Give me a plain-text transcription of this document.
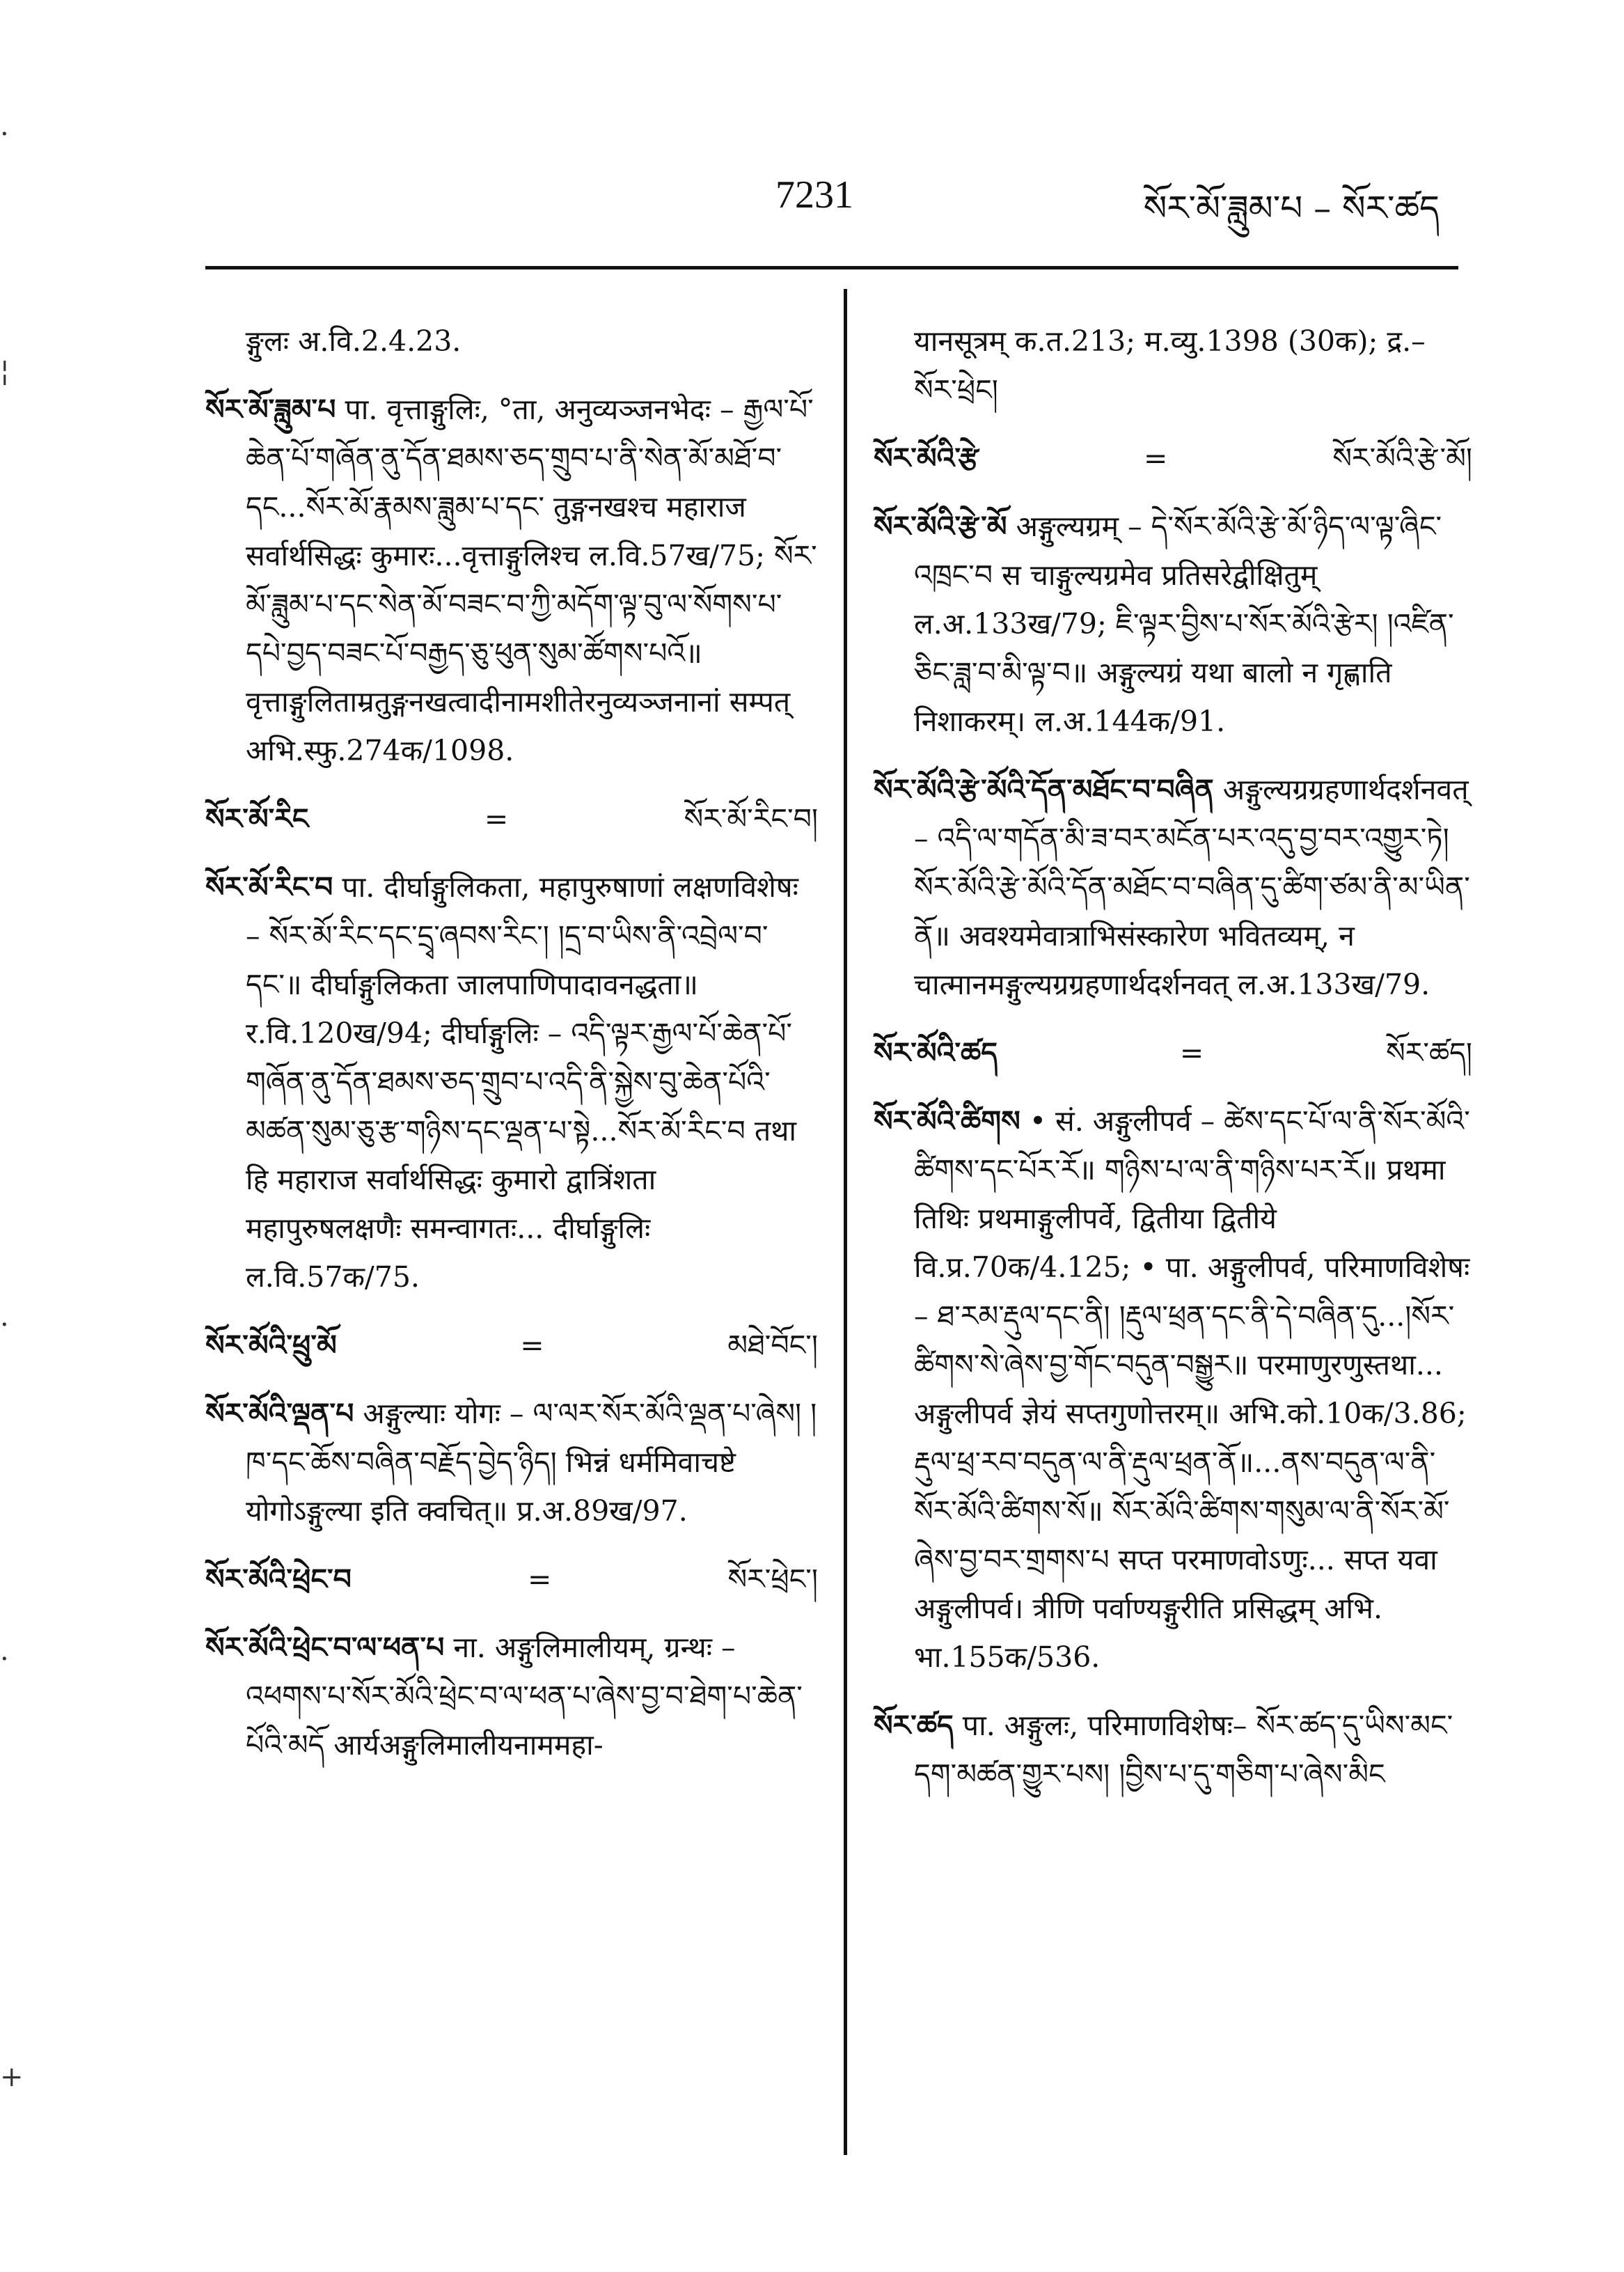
7231	སོར་མོ་ཟླུམ་པ – སོར་ཚད
·
¦
·
·
+
ङ्गुलः अ.वि.2.4.23.
སོར་མོ་ཟླུམ་པ पा. वृत्ताङ्गुलिः, °ता, अनुव्यञ्जनभेदः – རྒྱལ་པོ་ཆེན་པོ་གཞོན་ནུ་དོན་ཐམས་ཅད་གྲུབ་པ་ནི་སེན་མོ་མཐོ་བ་དང...སོར་མོ་རྣམས་ཟླུམ་པ་དང་ तुङ्गनखश्च महाराज सर्वार्थसिद्धः कुमारः...वृत्ताङ्गुलिश्च ल.वि.57ख/75; སོར་མོ་ཟླུམ་པ་དང་སེན་མོ་བཟང་བ་ཀྱི་མདོག་ལྟ་བུ་ལ་སོགས་པ་དཔེ་བྱད་བཟང་པོ་བརྒྱད་ཅུ་ཕུན་སུམ་ཚོགས་པའོ॥ वृत्ताङ्गुलिताम्रतुङ्गनखत्वादीनामशीतेरनुव्यञ्जनानां सम्पत् अभि.स्फु.274क/1098.
སོར་མོ་རིང	=	སོར་མོ་རིང་བ།
སོར་མོ་རིང་བ पा. दीर्घाङ्गुलिकता, महापुरुषाणां लक्षणविशेषः – སོར་མོ་རིང་དང་དྲྭ་ཞབས་རིང་། །དྲ་བ་ཡིས་ནི་འབྲེལ་བ་དང་॥ दीर्घाङ्गुलिकता जालपाणिपादावनद्धता॥ र.वि.120ख/94; दीर्घाङ्गुलिः – འདི་ལྟར་རྒྱལ་པོ་ཆེན་པོ་གཞོན་ནུ་དོན་ཐམས་ཅད་གྲུབ་པ་འདི་ནི་སྐྱེས་བུ་ཆེན་པོའི་མཚན་སུམ་ཅུ་རྩ་གཉིས་དང་ལྡན་པ་སྟེ...སོར་མོ་རིང་བ तथा हि महाराज सर्वार्थसिद्धः कुमारो द्वात्रिंशता महापुरुषलक्षणैः समन्वागतः... दीर्घाङ्गुलिः ल.वि.57क/75.
སོར་མོའི་ཕྲུ་མོ	=	མཐེ་བོང་།
སོར་མོའི་ལྡན་པ अङ्गुल्याः योगः – ལ་ལར་སོར་མོའི་ལྡན་པ་ཞེས། །ཁ་དང་ཆོས་བཞིན་བརྗོད་བྱེད་ཉིད། भिन्नं धर्ममिवाचष्टे योगोऽङ्गुल्या इति क्वचित्॥ प्र.अ.89ख/97.
སོར་མོའི་ཕྲེང་བ	=	སོར་ཕྲེང་།
སོར་མོའི་ཕྲེང་བ་ལ་ཕན་པ ना. अङ्गुलिमालीयम्, ग्रन्थः – འཕགས་པ་སོར་མོའི་ཕྲེང་བ་ལ་ཕན་པ་ཞེས་བྱ་བ་ཐེག་པ་ཆེན་པོའི་མདོ आर्यअङ्गुलिमालीयनाममहा-
यानसूत्रम् क.त.213; म.व्यु.1398 (30क); द्र.– སོར་ཕྲེང།
སོར་མོའི་རྩེ	=	སོར་མོའི་རྩེ་མོ།
སོར་མོའི་རྩེ་མོ अङ्गुल्यग्रम् – དེ་སོར་མོའི་རྩེ་མོ་ཉིད་ལ་ལྟ་ཞིང་འཁྲང་བ स चाङ्गुल्यग्रमेव प्रतिसरेद्वीक्षितुम् ल.अ.133ख/79; ཇི་ལྟར་བྱིས་པ་སོར་མོའི་རྩེར། །འཛིན་ཅིང་ཟླ་བ་མི་ལྟ་བ॥ अङ्गुल्यग्रं यथा बालो न गृह्णाति निशाकरम्। ल.अ.144क/91.
སོར་མོའི་རྩེ་མོའི་དོན་མཐོང་བ་བཞིན अङ्गुल्यग्रग्रहणार्थदर्शनवत् – འདི་ལ་གདོན་མི་ཟ་བར་མངོན་པར་འདུ་བྱ་བར་འགྱུར་ཏེ། སོར་མོའི་རྩེ་མོའི་དོན་མཐོང་བ་བཞིན་དུ་ཚིག་ཙམ་ནི་མ་ཡིན་ནོ॥ अवश्यमेवात्राभिसंस्कारेण भवितव्यम्, न चात्मानमङ्गुल्यग्रग्रहणार्थदर्शनवत् ल.अ.133ख/79.
སོར་མོའི་ཚད	=	སོར་ཚད།
སོར་མོའི་ཚིགས • सं. अङ्गुलीपर्व – ཚེས་དང་པོ་ལ་ནི་སོར་མོའི་ཚིགས་དང་པོར་རོ॥ གཉིས་པ་ལ་ནི་གཉིས་པར་རོ॥ प्रथमा तिथिः प्रथमाङ्गुलीपर्वे, द्वितीया द्वितीये वि.प्र.70क/4.125; • पा. अङ्गुलीपर्व, परिमाणविशेषः – ཐ་རམ་རྡུལ་དང་ནི། །རྡུལ་ཕྲན་དང་ནི་དེ་བཞིན་དུ...།སོར་ཚིགས་སེ་ཞེས་བྱ་གོང་བདུན་བསྒྱུར॥ परमाणुरणुस्तथा... अङ्गुलीपर्व ज्ञेयं सप्तगुणोत्तरम्॥ अभि.को.10क/3.86; རྡུལ་ཕྲ་རབ་བདུན་ལ་ནི་རྡུལ་ཕྲན་ནོ॥...ནས་བདུན་ལ་ནི་སོར་མོའི་ཚིགས་སོ॥ སོར་མོའི་ཚིགས་གསུམ་ལ་ནི་སོར་མོ་ཞེས་བྱ་བར་གྲགས་པ सप्त परमाणवोऽणुः... सप्त यवा अङ्गुलीपर्व। त्रीणि पर्वाण्यङ्गुरीति प्रसिद्धम् अभि. भा.155क/536.
སོར་ཚད पा. अङ्गुलः, परिमाणविशेषः– སོར་ཚད་དུ་ཡིས་མང་དག་མཚན་གྱུར་པས། །བྱིས་པ་དུ་གཅིག་པ་ཞེས་མིང
